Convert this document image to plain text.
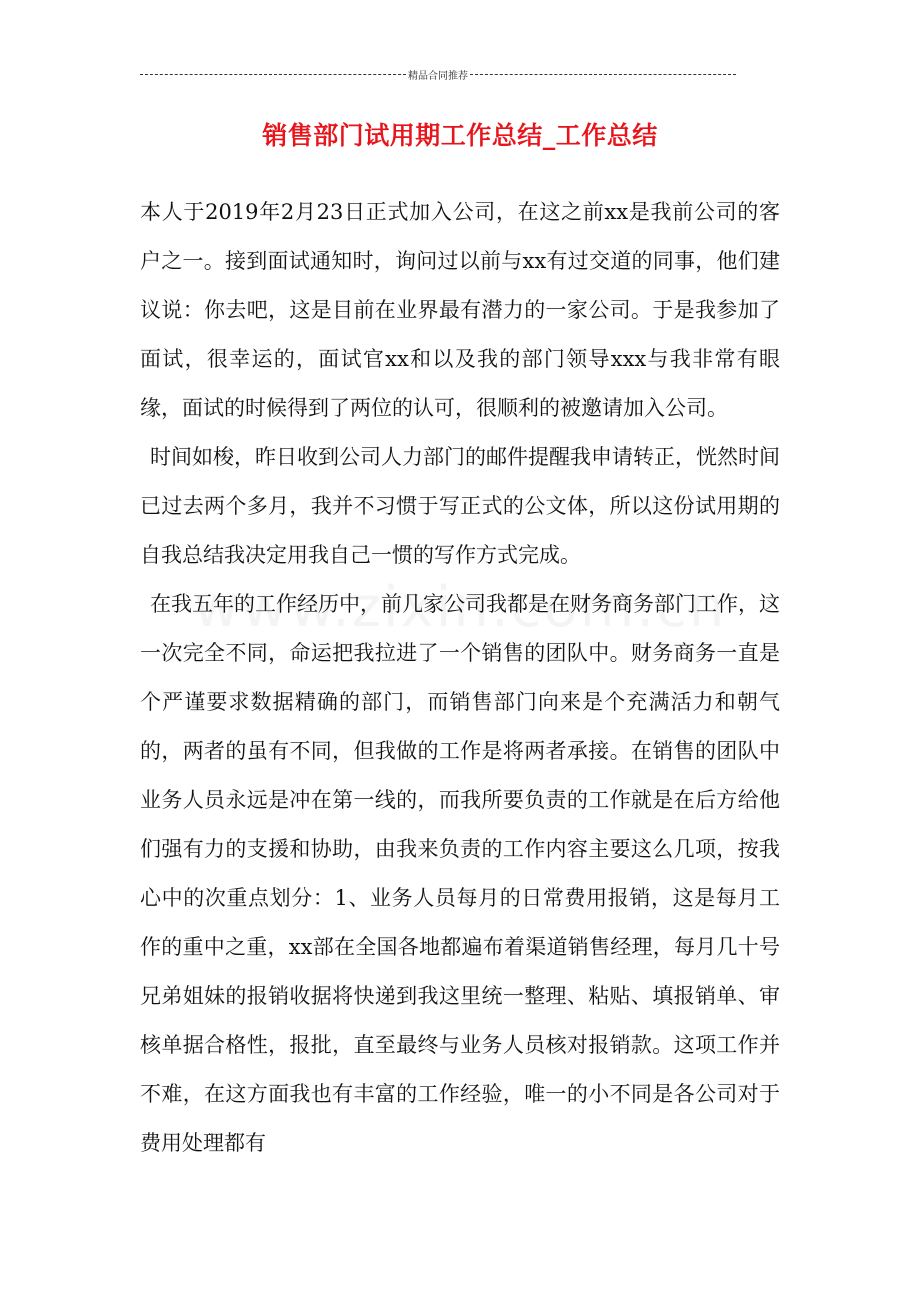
精品合同推荐
销售部门试用期工作总结_工作总结

本人于2019年2月23日正式加入公司，在这之前xx是我前公司的客户之一。接到面试通知时，询问过以前与xx有过交道的同事，他们建议说：你去吧，这是目前在业界最有潜力的一家公司。于是我参加了面试，很幸运的，面试官xx和以及我的部门领导xxx与我非常有眼缘，面试的时候得到了两位的认可，很顺利的被邀请加入公司。

时间如梭，昨日收到公司人力部门的邮件提醒我申请转正，恍然时间已过去两个多月，我并不习惯于写正式的公文体，所以这份试用期的自我总结我决定用我自己一惯的写作方式完成。

在我五年的工作经历中，前几家公司我都是在财务商务部门工作，这一次完全不同，命运把我拉进了一个销售的团队中。财务商务一直是个严谨要求数据精确的部门，而销售部门向来是个充满活力和朝气的，两者的虽有不同，但我做的工作是将两者承接。在销售的团队中业务人员永远是冲在第一线的，而我所要负责的工作就是在后方给他们强有力的支援和协助，由我来负责的工作内容主要这么几项，按我心中的次重点划分：1、业务人员每月的日常费用报销，这是每月工作的重中之重，xx部在全国各地都遍布着渠道销售经理，每月几十号兄弟姐妹的报销收据将快递到我这里统一整理、粘贴、填报销单、审核单据合格性，报批，直至最终与业务人员核对报销款。这项工作并不难，在这方面我也有丰富的工作经验，唯一的小不同是各公司对于费用处理都有
